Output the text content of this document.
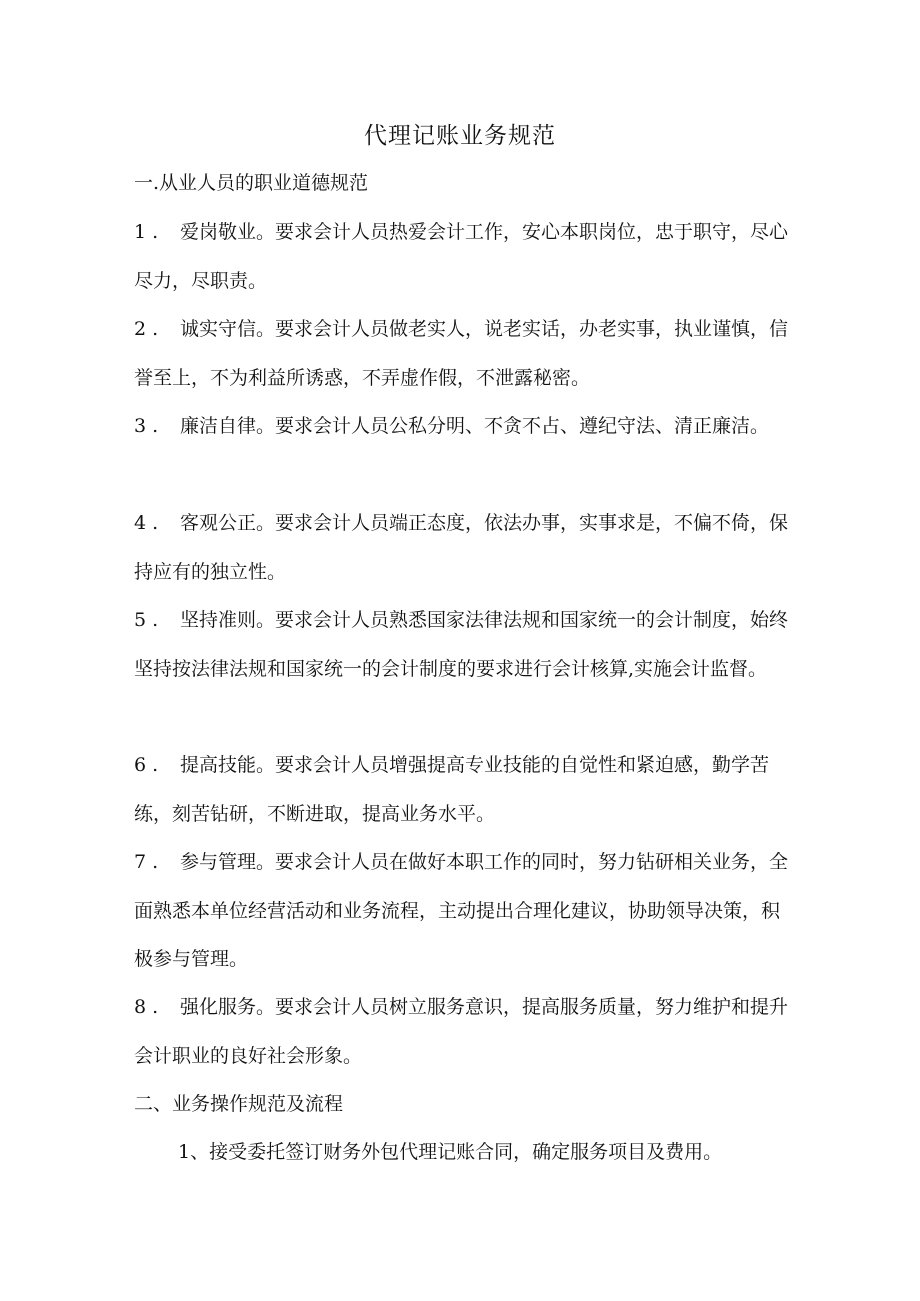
代理记账业务规范
一.从业人员的职业道德规范
1 . 爱岗敬业。要求会计人员热爱会计工作，安心本职岗位，忠于职守，尽心尽力，尽职责。
2 . 诚实守信。要求会计人员做老实人，说老实话，办老实事，执业谨慎，信誉至上，不为利益所诱惑，不弄虚作假，不泄露秘密。
3 . 廉洁自律。要求会计人员公私分明、不贪不占、遵纪守法、清正廉洁。
4 . 客观公正。要求会计人员端正态度，依法办事，实事求是，不偏不倚，保持应有的独立性。
5 . 坚持准则。要求会计人员熟悉国家法律法规和国家统一的会计制度，始终坚持按法律法规和国家统一的会计制度的要求进行会计核算,实施会计监督。
6 . 提高技能。要求会计人员增强提高专业技能的自觉性和紧迫感，勤学苦练，刻苦钻研，不断进取，提高业务水平。
7 . 参与管理。要求会计人员在做好本职工作的同时，努力钻研相关业务，全面熟悉本单位经营活动和业务流程，主动提出合理化建议，协助领导决策，积极参与管理。
8 . 强化服务。要求会计人员树立服务意识，提高服务质量，努力维护和提升会计职业的良好社会形象。
二、业务操作规范及流程
1、接受委托签订财务外包代理记账合同，确定服务项目及费用。
